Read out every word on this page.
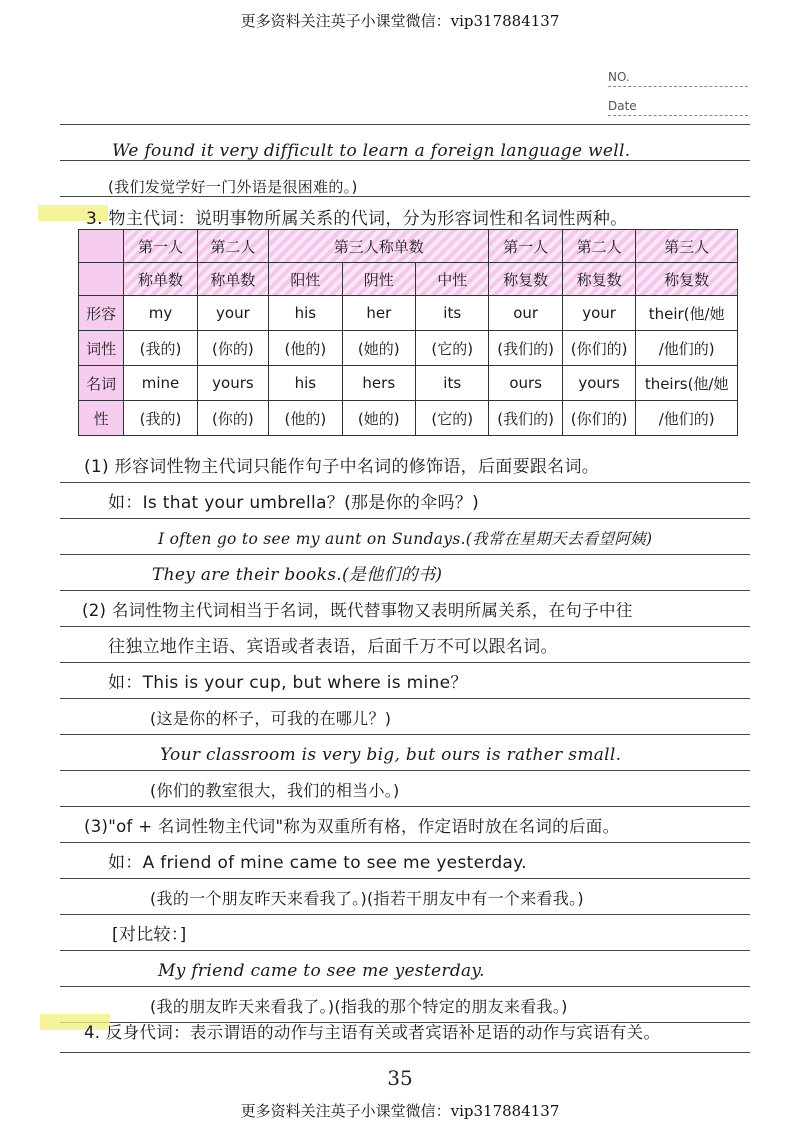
更多资料关注英子小课堂微信：vip317884137
NO.
Date
We found it very difficult to learn a foreign language well.
(我们发觉学好一门外语是很困难的。)
3. 物主代词：说明事物所属关系的代词，分为形容词性和名词性两种。
	第一人	第二人	第三人称单数			第一人	第二人	第三人
	称单数	称单数	阳性	阴性	中性	称复数	称复数	称复数
形容	my	your	his	her	its	our	your	their(他/她
词性	(我的)	(你的)	(他的)	(她的)	(它的)	(我们的)	(你们的)	/他们的)
名词	mine	yours	his	hers	its	ours	yours	theirs(他/她
性	(我的)	(你的)	(他的)	(她的)	(它的)	(我们的)	(你们的)	/他们的)
(1) 形容词性物主代词只能作句子中名词的修饰语，后面要跟名词。
如：Is that your umbrella？(那是你的伞吗？)
I often go to see my aunt on Sundays.(我常在星期天去看望阿姨)
They are their books.(是他们的书)
(2) 名词性物主代词相当于名词，既代替事物又表明所属关系，在句子中往
往独立地作主语、宾语或者表语，后面千万不可以跟名词。
如：This is your cup, but where is mine？
(这是你的杯子，可我的在哪儿？)
Your classroom is very big, but ours is rather small.
(你们的教室很大，我们的相当小。)
(3)"of + 名词性物主代词"称为双重所有格，作定语时放在名词的后面。
如：A friend of mine came to see me yesterday.
(我的一个朋友昨天来看我了。)(指若干朋友中有一个来看我。)
[对比较：]
My friend came to see me yesterday.
(我的朋友昨天来看我了。)(指我的那个特定的朋友来看我。)
4. 反身代词：表示谓语的动作与主语有关或者宾语补足语的动作与宾语有关。
35
更多资料关注英子小课堂微信：vip317884137
